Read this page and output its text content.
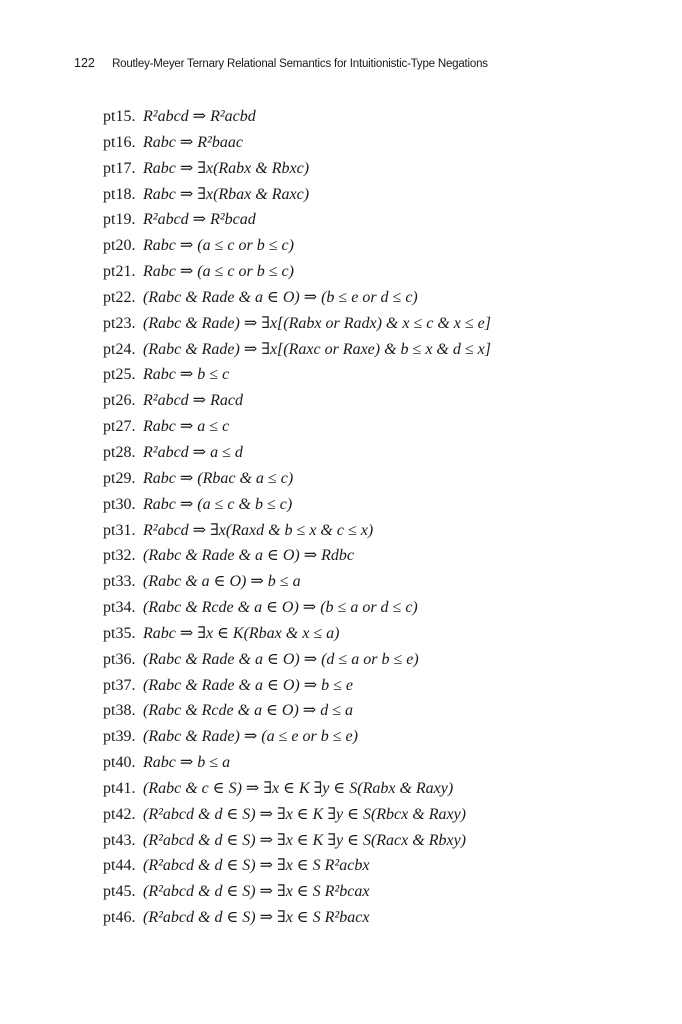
122 Routley-Meyer Ternary Relational Semantics for Intuitionistic-Type Negations
pt15. R²abcd ⇒ R²acbd
pt16. Rabc ⇒ R²baac
pt17. Rabc ⇒ ∃x(Rabx & Rbxc)
pt18. Rabc ⇒ ∃x(Rbax & Raxc)
pt19. R²abcd ⇒ R²bcad
pt20. Rabc ⇒ (a ≤ c or b ≤ c)
pt21. Rabc ⇒ (a ≤ c or b ≤ c)
pt22. (Rabc & Rade & a ∈ O) ⇒ (b ≤ e or d ≤ c)
pt23. (Rabc & Rade) ⇒ ∃x[(Rabx or Radx) & x ≤ c & x ≤ e]
pt24. (Rabc & Rade) ⇒ ∃x[(Raxc or Raxe) & b ≤ x & d ≤ x]
pt25. Rabc ⇒ b ≤ c
pt26. R²abcd ⇒ Racd
pt27. Rabc ⇒ a ≤ c
pt28. R²abcd ⇒ a ≤ d
pt29. Rabc ⇒ (Rbac & a ≤ c)
pt30. Rabc ⇒ (a ≤ c & b ≤ c)
pt31. R²abcd ⇒ ∃x(Raxd & b ≤ x & c ≤ x)
pt32. (Rabc & Rade & a ∈ O) ⇒ Rdbc
pt33. (Rabc & a ∈ O) ⇒ b ≤ a
pt34. (Rabc & Rcde & a ∈ O) ⇒ (b ≤ a or d ≤ c)
pt35. Rabc ⇒ ∃x ∈ K(Rbax & x ≤ a)
pt36. (Rabc & Rade & a ∈ O) ⇒ (d ≤ a or b ≤ e)
pt37. (Rabc & Rade & a ∈ O) ⇒ b ≤ e
pt38. (Rabc & Rcde & a ∈ O) ⇒ d ≤ a
pt39. (Rabc & Rade) ⇒ (a ≤ e or b ≤ e)
pt40. Rabc ⇒ b ≤ a
pt41. (Rabc & c ∈ S) ⇒ ∃x ∈ K ∃y ∈ S(Rabx & Raxy)
pt42. (R²abcd & d ∈ S) ⇒ ∃x ∈ K ∃y ∈ S(Rbcx & Raxy)
pt43. (R²abcd & d ∈ S) ⇒ ∃x ∈ K ∃y ∈ S(Racx & Rbxy)
pt44. (R²abcd & d ∈ S) ⇒ ∃x ∈ S R²acbx
pt45. (R²abcd & d ∈ S) ⇒ ∃x ∈ S R²bcax
pt46. (R²abcd & d ∈ S) ⇒ ∃x ∈ S R²bacx
